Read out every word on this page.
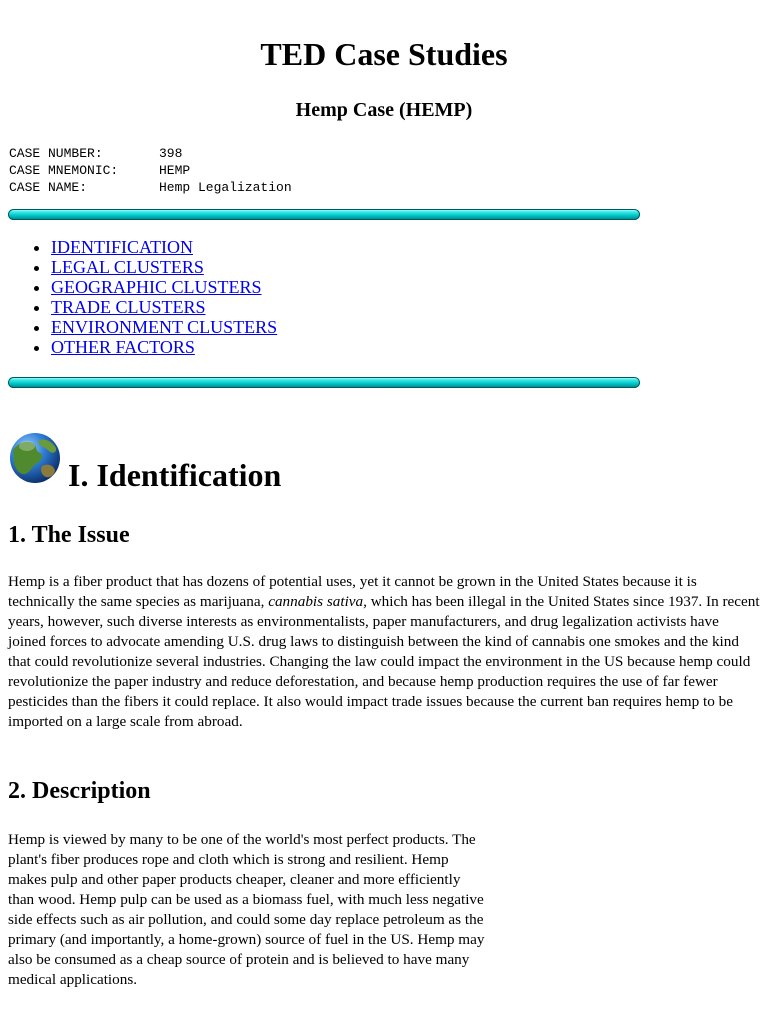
TED Case Studies
Hemp Case (HEMP)
CASE NUMBER:	398
CASE MNEMONIC:	HEMP
CASE NAME:	Hemp Legalization
• IDENTIFICATION
• LEGAL CLUSTERS
• GEOGRAPHIC CLUSTERS
• TRADE CLUSTERS
• ENVIRONMENT CLUSTERS
• OTHER FACTORS
I. Identification
1. The Issue

Hemp is a fiber product that has dozens of potential uses, yet it cannot be grown in the United States because it is technically the same species as marijuana, cannabis sativa, which has been illegal in the United States since 1937. In recent years, however, such diverse interests as environmentalists, paper manufacturers, and drug legalization activists have joined forces to advocate amending U.S. drug laws to distinguish between the kind of cannabis one smokes and the kind that could revolutionize several industries. Changing the law could impact the environment in the US because hemp could revolutionize the paper industry and reduce deforestation, and because hemp production requires the use of far fewer pesticides than the fibers it could replace. It also would impact trade issues because the current ban requires hemp to be imported on a large scale from abroad.

2. Description

Hemp is viewed by many to be one of the world's most perfect products. The plant's fiber produces rope and cloth which is strong and resilient. Hemp makes pulp and other paper products cheaper, cleaner and more efficiently than wood. Hemp pulp can be used as a biomass fuel, with much less negative side effects such as air pollution, and could some day replace petroleum as the primary (and importantly, a home-grown) source of fuel in the US. Hemp may also be consumed as a cheap source of protein and is believed to have many medical applications.
